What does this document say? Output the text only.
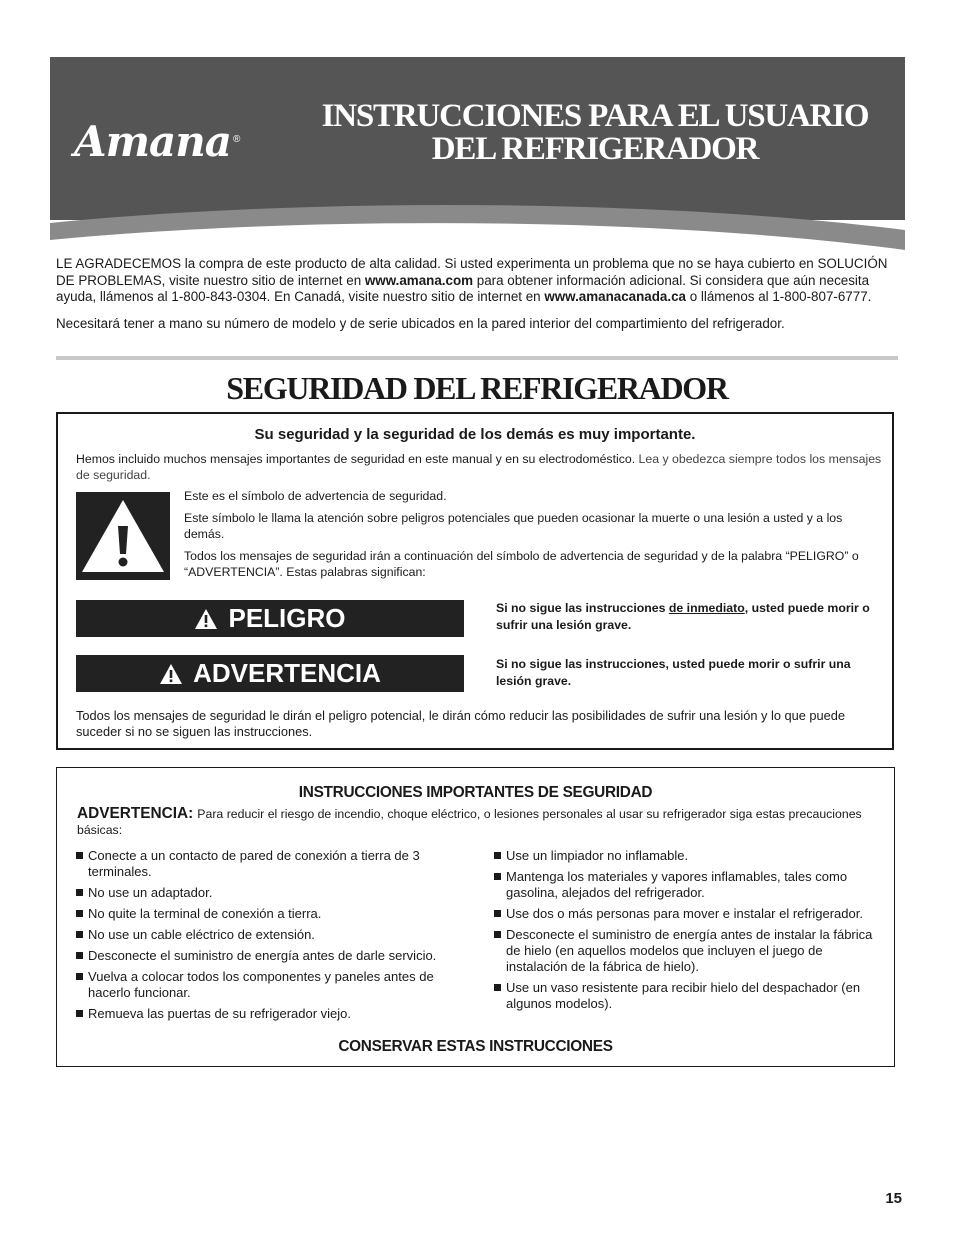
Amana $_®$
INSTRUCCIONES PARA EL USUARIO DEL REFRIGERADOR

LE AGRADECEMOS la compra de este producto de alta calidad. Si usted experimenta un problema que no se haya cubierto en SOLUCIÓN DE PROBLEMAS, visite nuestro sitio de internet en www.amana.com para obtener información adicional. Si considera que aún necesita ayuda, llámenos al 1-800-843-0304. En Canadá, visite nuestro sitio de internet en www.amanacanada.ca o llámenos al 1-800-807-6777.

Necesitará tener a mano su número de modelo y de serie ubicados en la pared interior del compartimiento del refrigerador.

SEGURIDAD DEL REFRIGERADOR
Su seguridad y la seguridad de los demás es muy importante.
Hemos incluido muchos mensajes importantes de seguridad en este manual y en su electrodoméstico. Lea y obedezca siempre todos los mensajes de seguridad.

Este es el símbolo de advertencia de seguridad.

Este símbolo le llama la atención sobre peligros potenciales que pueden ocasionar la muerte o una lesión a usted y a los demás.

Todos los mensajes de seguridad irán a continuación del símbolo de advertencia de seguridad y de la palabra “PELIGRO” o “ADVERTENCIA”. Estas palabras significan:

PELIGRO	Si no sigue las instrucciones de inmediato, usted puede morir o sufrir una lesión grave.
ADVERTENCIA	Si no sigue las instrucciones, usted puede morir o sufrir una lesión grave.
Todos los mensajes de seguridad le dirán el peligro potencial, le dirán cómo reducir las posibilidades de sufrir una lesión y lo que puede suceder si no se siguen las instrucciones.
INSTRUCCIONES IMPORTANTES DE SEGURIDAD
ADVERTENCIA: Para reducir el riesgo de incendio, choque eléctrico, o lesiones personales al usar su refrigerador siga estas precauciones básicas:
Conecte a un contacto de pared de conexión a tierra de 3 terminales.
No use un adaptador.
No quite la terminal de conexión a tierra.
No use un cable eléctrico de extensión.
Desconecte el suministro de energía antes de darle servicio.
Vuelva a colocar todos los componentes y paneles antes de hacerlo funcionar.
Remueva las puertas de su refrigerador viejo.
Use un limpiador no inflamable.
Mantenga los materiales y vapores inflamables, tales como gasolina, alejados del refrigerador.
Use dos o más personas para mover e instalar el refrigerador.
Desconecte el suministro de energía antes de instalar la fábrica de hielo (en aquellos modelos que incluyen el juego de instalación de la fábrica de hielo).
Use un vaso resistente para recibir hielo del despachador (en algunos modelos).
CONSERVAR ESTAS INSTRUCCIONES
15
